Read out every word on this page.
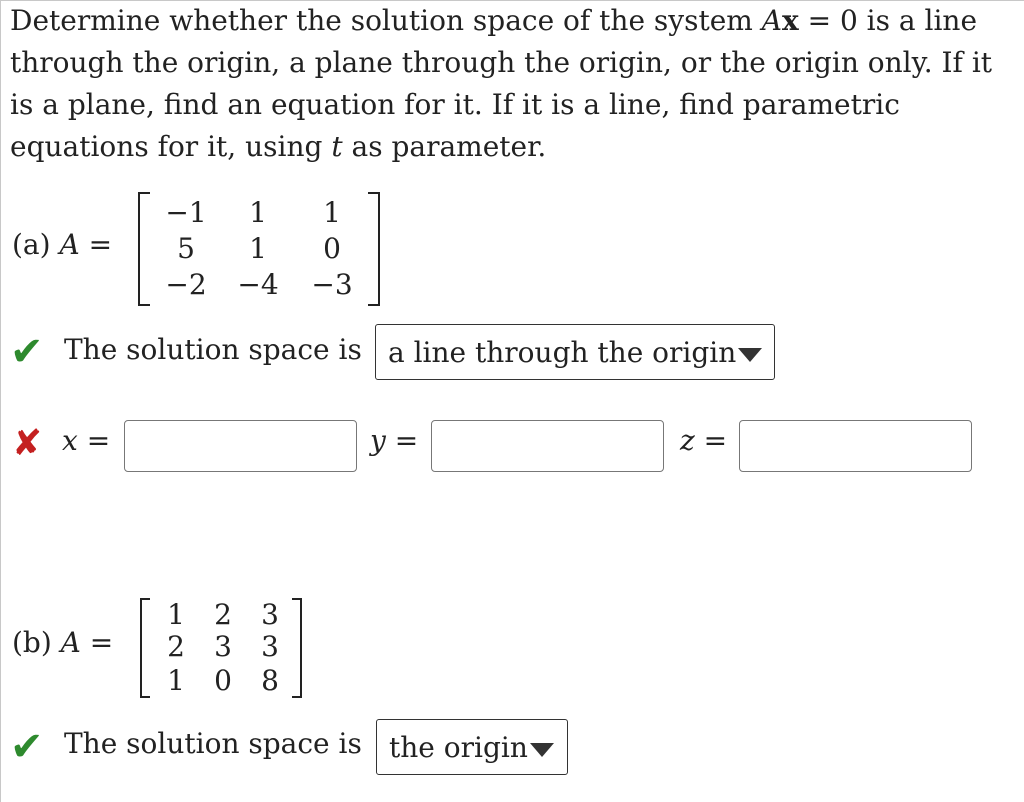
Determine whether the solution space of the system Ax = 0 is a line
through the origin, a plane through the origin, or the origin only. If it
is a plane, find an equation for it. If it is a line, find parametric
equations for it, using t as parameter.
(a) A =
−1	1	1
5	1	0
−2	−4	−3
✔ The solution space is a line through the origin
✘ x =	y =	z =
(b) A =
1	2	3
2	3	3
1	0	8
✔ The solution space is the origin
